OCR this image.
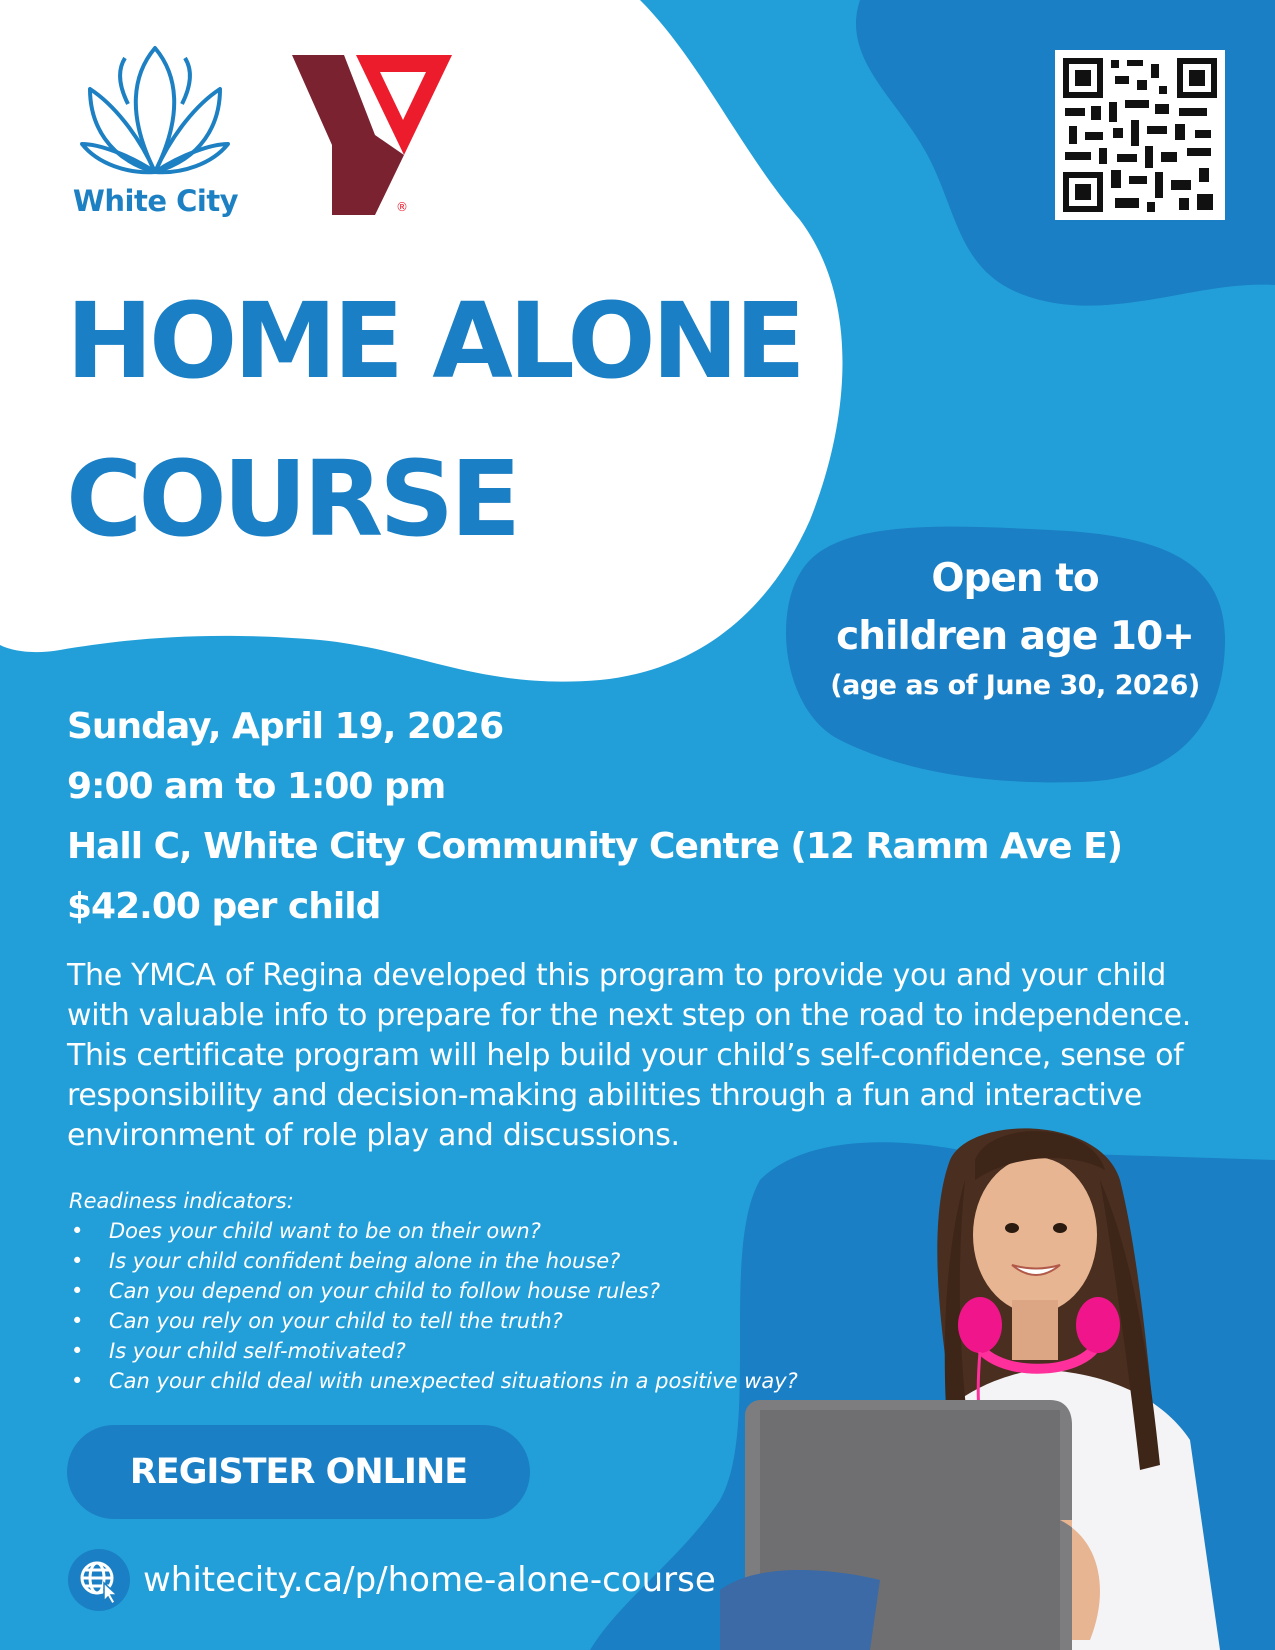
White City	®
HOME ALONE
COURSE
Open to
children age 10+
(age as of June 30, 2026)
Sunday, April 19, 2026
9:00 am to 1:00 pm
Hall C, White City Community Centre (12 Ramm Ave E)
$42.00 per child
The YMCA of Regina developed this program to provide you and your child
with valuable info to prepare for the next step on the road to independence.
This certificate program will help build your child’s self-confidence, sense of
responsibility and decision-making abilities through a fun and interactive
environment of role play and discussions.
Readiness indicators:
• Does your child want to be on their own?
• Is your child confident being alone in the house?
• Can you depend on your child to follow house rules?
• Can you rely on your child to tell the truth?
• Is your child self-motivated?
• Can your child deal with unexpected situations in a positive way?
REGISTER ONLINE
whitecity.ca/p/home-alone-course
